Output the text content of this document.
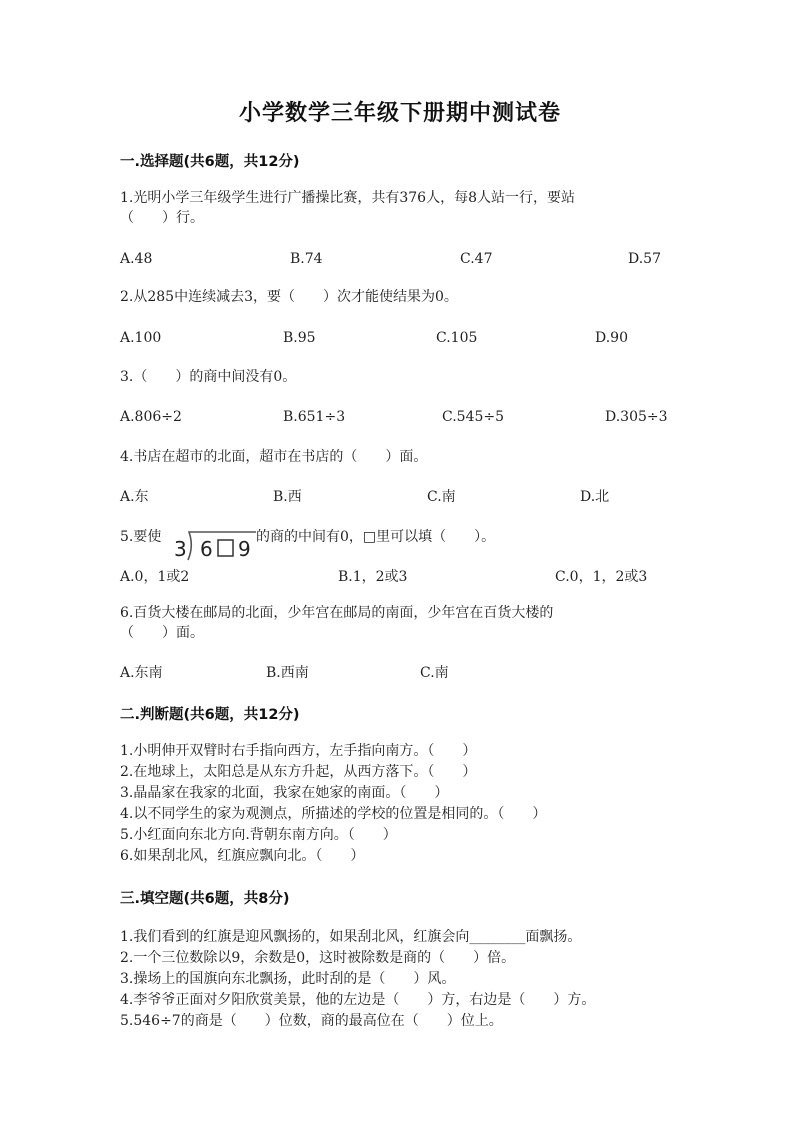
小学数学三年级下册期中测试卷
一.选择题(共6题，共12分)
1.光明小学三年级学生进行广播操比赛，共有376人，每8人站一行，要站
（　　）行。
A.48	B.74	C.47	D.57
2.从285中连续减去3，要（　　）次才能使结果为0。
A.100	B.95	C.105	D.90
3.（　　）的商中间没有0。
A.806÷2	B.651÷3	C.545÷5	D.305÷3
4.书店在超市的北面，超市在书店的（　　）面。
A.东	B.西	C.南	D.北
5.要使 3 6 9 的商的中间有0，□里可以填（　　）。
A.0，1或2	B.1，2或3	C.0，1，2或3
6.百货大楼在邮局的北面，少年宫在邮局的南面，少年宫在百货大楼的
（　　）面。
A.东南	B.西南	C.南
二.判断题(共6题，共12分)
1.小明伸开双臂时右手指向西方，左手指向南方。（　　）
2.在地球上，太阳总是从东方升起，从西方落下。（　　）
3.晶晶家在我家的北面，我家在她家的南面。（　　）
4.以不同学生的家为观测点，所描述的学校的位置是相同的。（　　）
5.小红面向东北方向.背朝东南方向。（　　）
6.如果刮北风，红旗应飘向北。（　　）
三.填空题(共6题，共8分)
1.我们看到的红旗是迎风飘扬的，如果刮北风，红旗会向________面飘扬。
2.一个三位数除以9，余数是0，这时被除数是商的（　　）倍。
3.操场上的国旗向东北飘扬，此时刮的是（　　）风。
4.李爷爷正面对夕阳欣赏美景，他的左边是（　　）方，右边是（　　）方。
5.546÷7的商是（　　）位数，商的最高位在（　　）位上。
